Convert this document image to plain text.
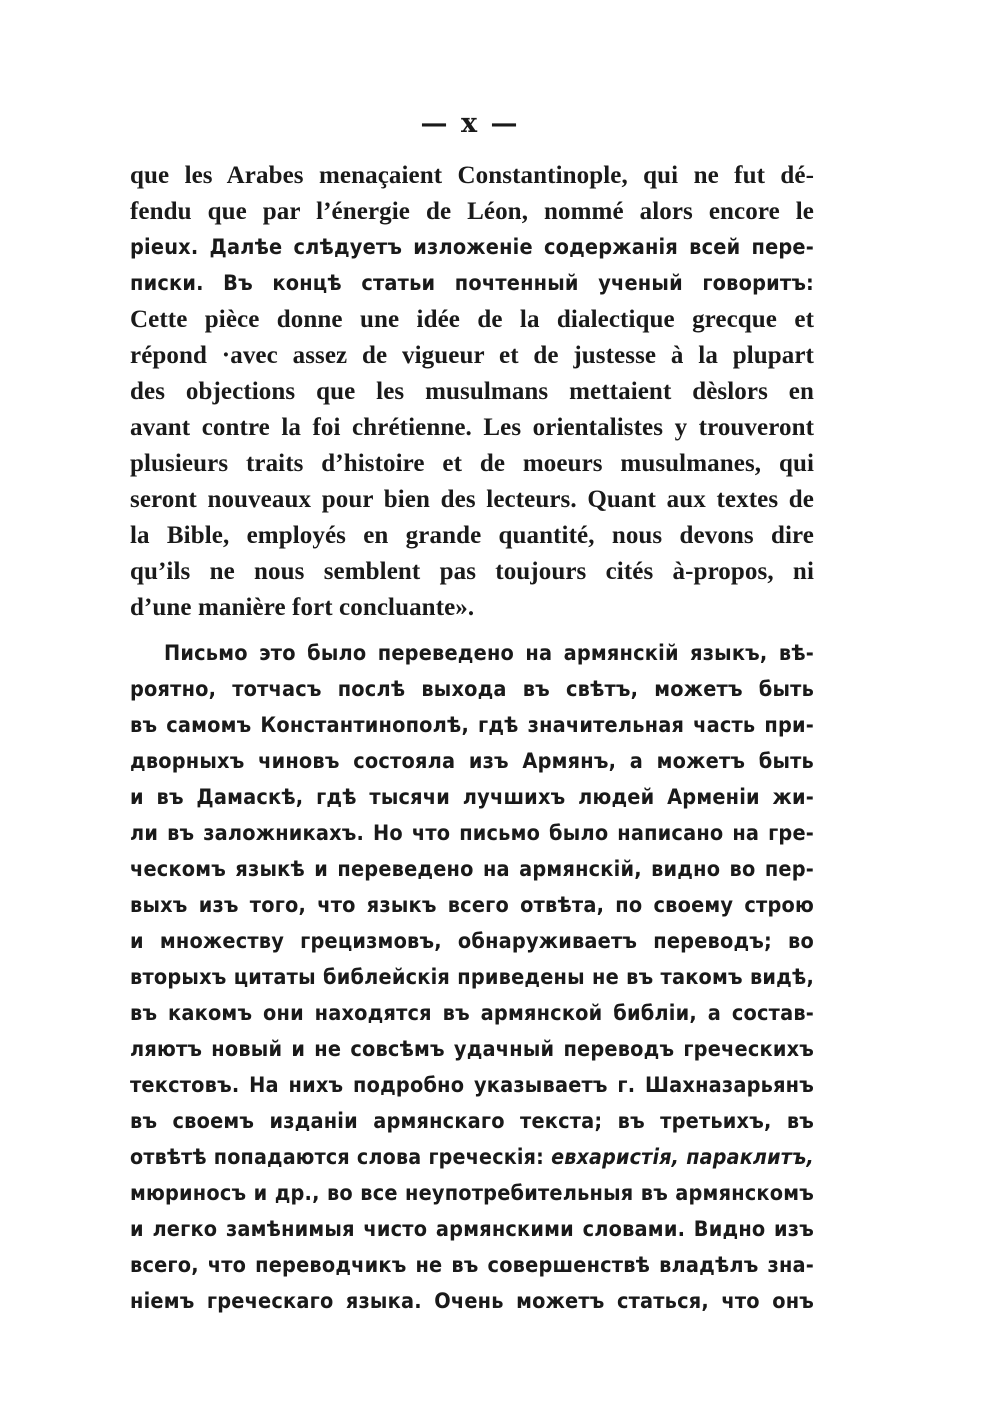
— x —
que les Arabes menaçaient Constantinople, qui ne fut dé-
fendu que par l’énergie de Léon, nommé alors encore le
pieux. Далѣе слѣдуетъ изложеніе содержанія всей пере-
писки. Въ концѣ статьи почтенный ученый говоритъ:
Cette pièce donne une idée de la dialectique grecque et
répond ·avec assez de vigueur et de justesse à la plupart
des objections que les musulmans mettaient dèslors en
avant contre la foi chrétienne. Les orientalistes y trouveront
plusieurs traits d’histoire et de moeurs musulmanes, qui
seront nouveaux pour bien des lecteurs. Quant aux textes de
la Bible, employés en grande quantité, nous devons dire
qu’ils ne nous semblent pas toujours cités à-propos, ni
d’une manière fort concluante».
Письмо это было переведено на армянскій языкъ, вѣ-
роятно, тотчасъ послѣ выхода въ свѣтъ, можетъ быть
въ самомъ Константинополѣ, гдѣ значительная часть при-
дворныхъ чиновъ состояла изъ Армянъ, а можетъ быть
и въ Дамаскѣ, гдѣ тысячи лучшихъ людей Арменіи жи-
ли въ заложникахъ. Но что письмо было написано на гре-
ческомъ языкѣ и переведено на армянскій, видно во пер-
выхъ изъ того, что языкъ всего отвѣта, по своему строю
и множеству грецизмовъ, обнаруживаетъ переводъ; во
вторыхъ цитаты библейскія приведены не въ такомъ видѣ,
въ какомъ они находятся въ армянской библіи, а состав-
ляютъ новый и не совсѣмъ удачный переводъ греческихъ
текстовъ. На нихъ подробно указываетъ г. Шахназарьянъ
въ своемъ изданіи армянскаго текста; въ третьихъ, въ
отвѣтѣ попадаются слова греческія: евхаристія, параклитъ,
мюриносъ и др., во все неупотребительныя въ армянскомъ
и легко замѣнимыя чисто армянскими словами. Видно изъ
всего, что переводчикъ не въ совершенствѣ владѣлъ зна-
ніемъ греческаго языка. Очень можетъ статься, что онъ
